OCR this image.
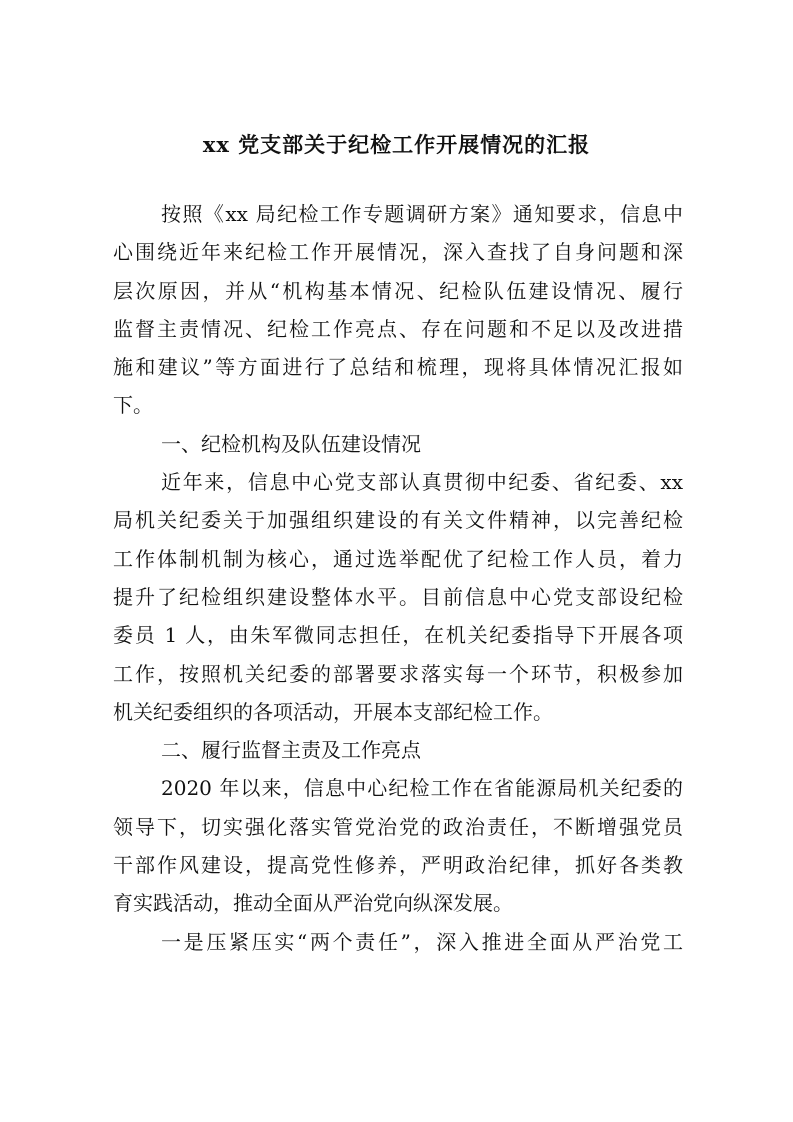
xx 党支部关于纪检工作开展情况的汇报
按照《xx 局纪检工作专题调研方案》通知要求，信息中
心围绕近年来纪检工作开展情况，深入查找了自身问题和深
层次原因，并从“机构基本情况、纪检队伍建设情况、履行
监督主责情况、纪检工作亮点、存在问题和不足以及改进措
施和建议”等方面进行了总结和梳理，现将具体情况汇报如
下。
一、纪检机构及队伍建设情况
近年来，信息中心党支部认真贯彻中纪委、省纪委、xx
局机关纪委关于加强组织建设的有关文件精神，以完善纪检
工作体制机制为核心，通过选举配优了纪检工作人员，着力
提升了纪检组织建设整体水平。目前信息中心党支部设纪检
委员 1 人，由朱军微同志担任，在机关纪委指导下开展各项
工作，按照机关纪委的部署要求落实每一个环节，积极参加
机关纪委组织的各项活动，开展本支部纪检工作。
二、履行监督主责及工作亮点
2020 年以来，信息中心纪检工作在省能源局机关纪委的
领导下，切实强化落实管党治党的政治责任，不断增强党员
干部作风建设，提高党性修养，严明政治纪律，抓好各类教
育实践活动，推动全面从严治党向纵深发展。
一是压紧压实“两个责任”，深入推进全面从严治党工
